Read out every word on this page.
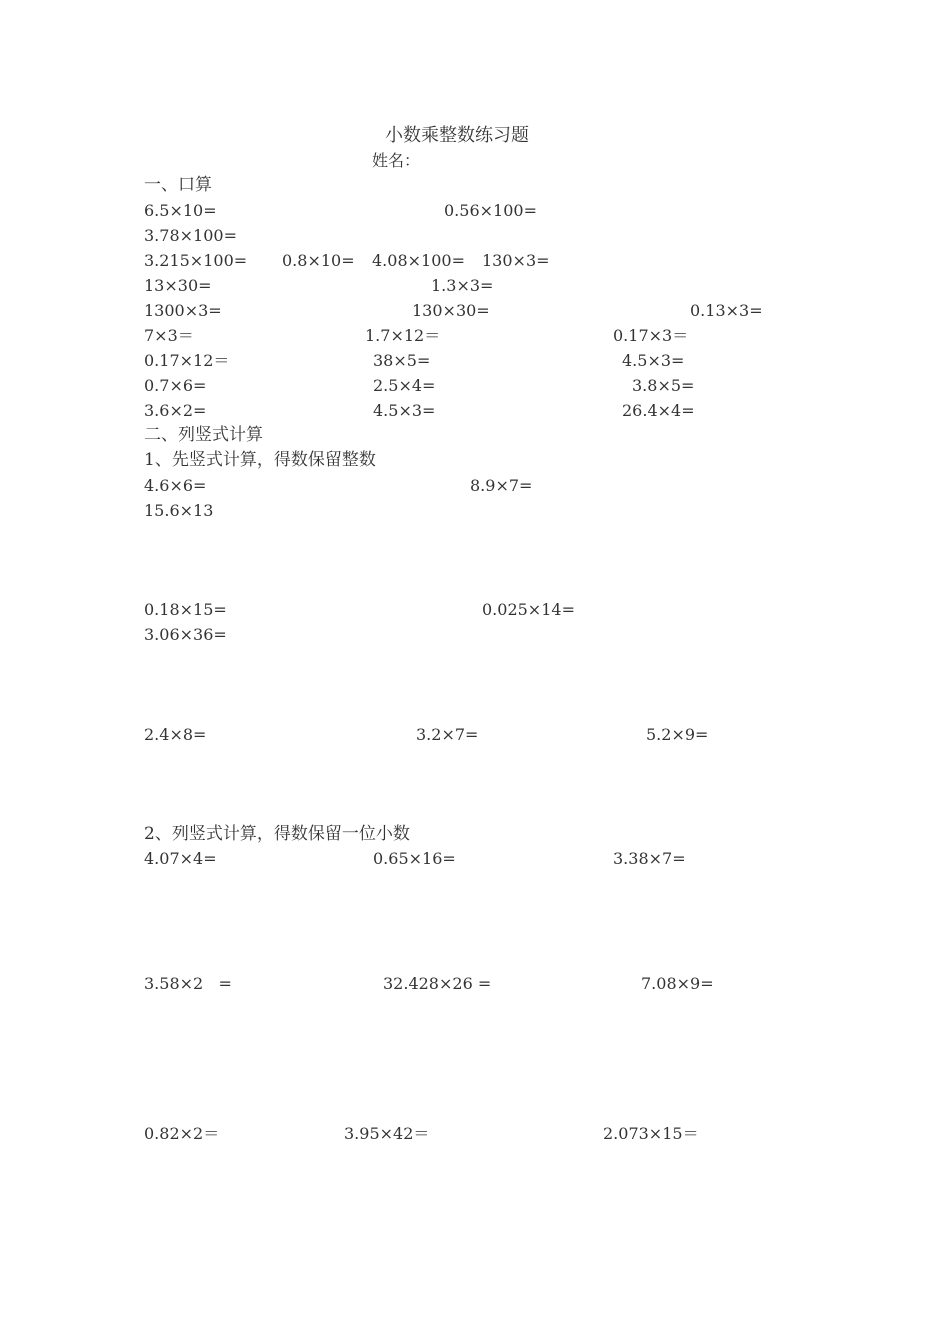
小数乘整数练习题
姓名：
一、口算
6.5×10=	0.56×100=
3.78×100=
3.215×100= 0.8×10= 4.08×100= 130×3=
13×30=	1.3×3=
1300×3=	130×30=	0.13×3=
7×3＝	1.7×12＝	0.17×3＝
0.17×12＝	38×5=	4.5×3=
0.7×6=	2.5×4=	3.8×5=
3.6×2=	4.5×3=	26.4×4=
二、列竖式计算
1、先竖式计算，得数保留整数
4.6×6=	8.9×7=
15.6×13
0.18×15=	0.025×14=
3.06×36=
2.4×8=	3.2×7=	5.2×9=
2、列竖式计算，得数保留一位小数
4.07×4=	0.65×16=	3.38×7=
3.58×2   =	32.428×26 =	7.08×9=
0.82×2＝	3.95×42＝	2.073×15＝
